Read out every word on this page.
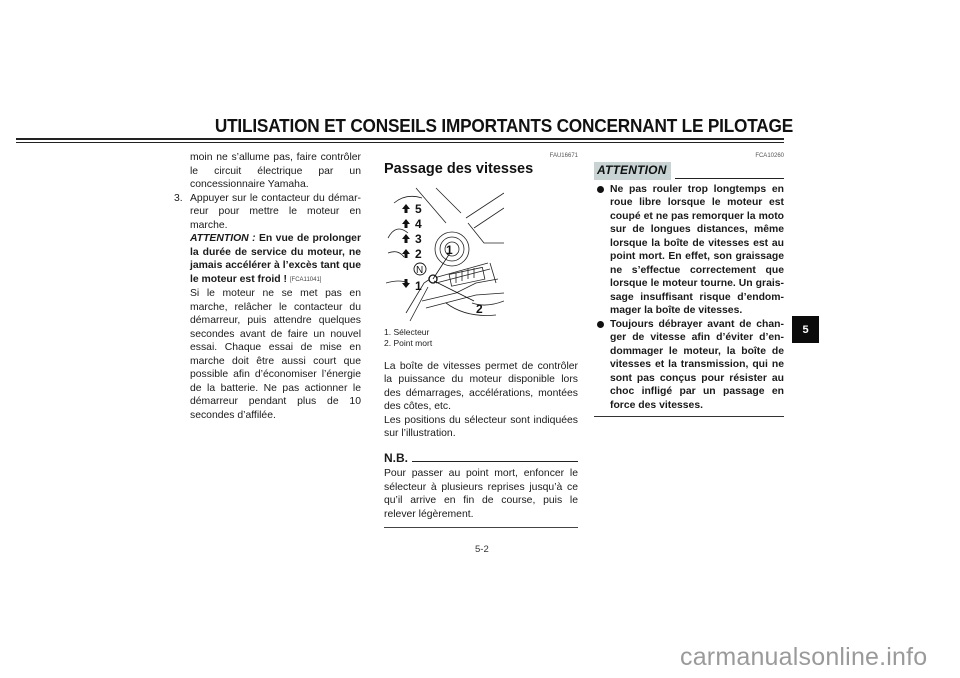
UTILISATION ET CONSEILS IMPORTANTS CONCERNANT LE PILOTAGE
moin ne s’allume pas, faire contrôler le circuit électrique par un concessionnaire Yamaha.
3. Appuyer sur le contacteur du démarreur pour mettre le moteur en marche.
ATTENTION : En vue de prolonger la durée de service du moteur, ne jamais accélérer à l’excès tant que le moteur est froid ! [FCA11041]
Si le moteur ne se met pas en marche, relâcher le contacteur du démarreur, puis attendre quelques secondes avant de faire un nouvel essai. Chaque essai de mise en marche doit être aussi court que possible afin d’économiser l’énergie de la batterie. Ne pas actionner le démarreur pendant plus de 10 secondes d’affilée.
FAU16671
Passage des vitesses
5
4
3
2
N
1
1
2
1. Sélecteur
2. Point mort
La boîte de vitesses permet de contrôler la puissance du moteur disponible lors des démarrages, accélérations, montées des côtes, etc.
Les positions du sélecteur sont indiquées sur l’illustration.
N.B.
Pour passer au point mort, enfoncer le sélecteur à plusieurs reprises jusqu’à ce qu’il arrive en fin de course, puis le relever légèrement.
FCA10260
ATTENTION
Ne pas rouler trop longtemps en roue libre lorsque le moteur est coupé et ne pas remorquer la moto sur de longues distances, même lorsque la boîte de vitesses est au point mort. En effet, son graissage ne s’effectue correctement que lorsque le moteur tourne. Un graissage insuffisant risque d’endommager la boîte de vitesses.
Toujours débrayer avant de changer de vitesse afin d’éviter d’endommager le moteur, la boîte de vitesses et la transmission, qui ne sont pas conçus pour résister au choc infligé par un passage en force des vitesses.
5
5-2
carmanualsonline.info
